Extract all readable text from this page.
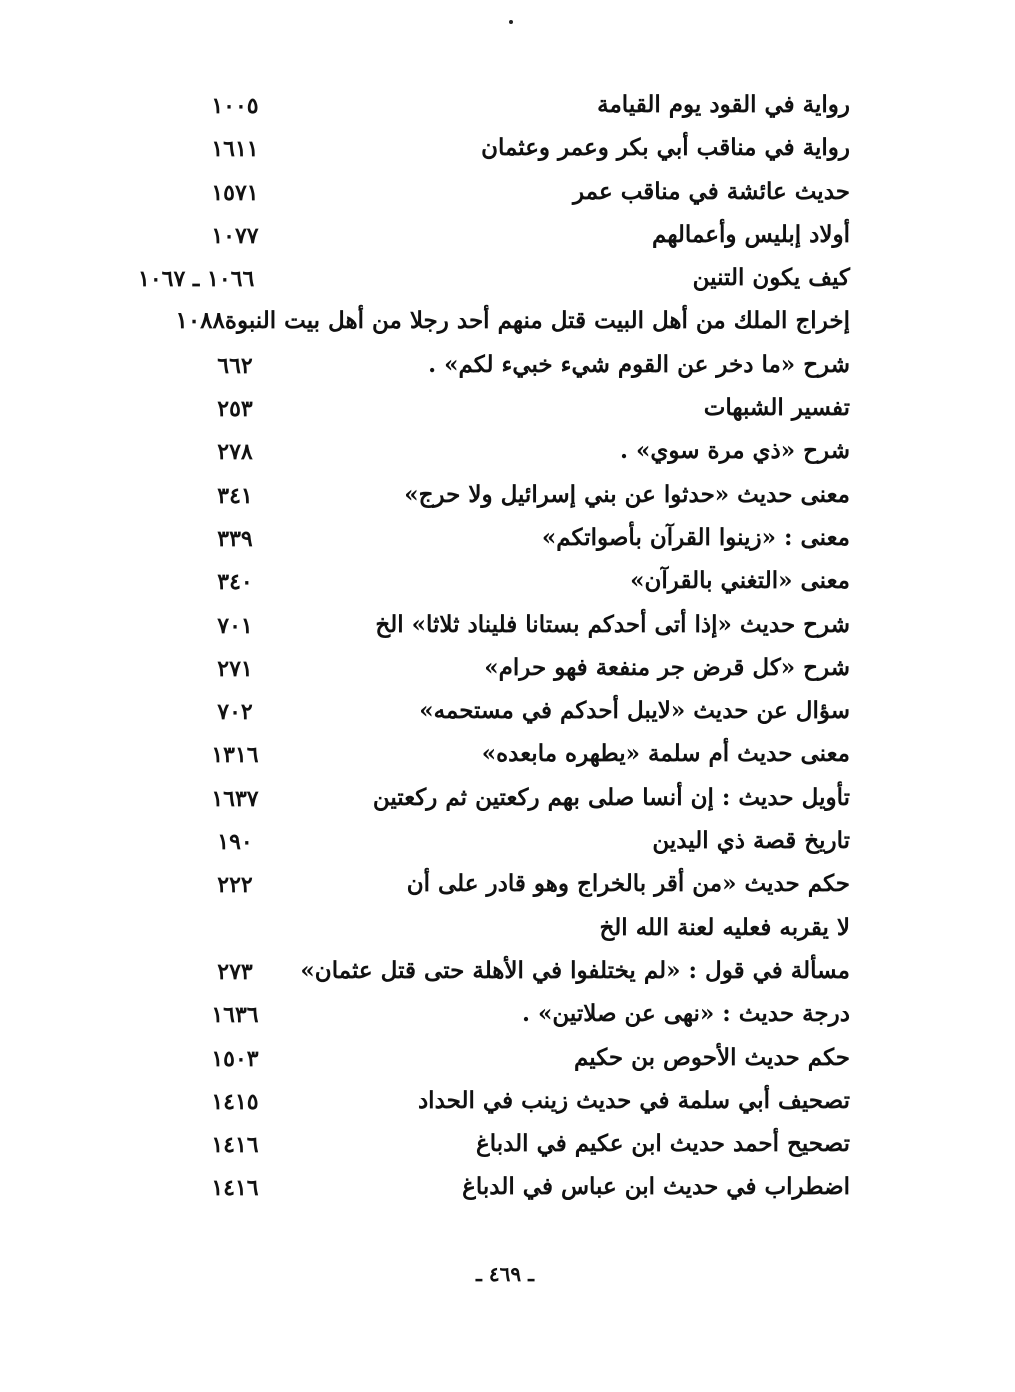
رواية في القود يوم القيامة
١٠٠٥
رواية في مناقب أبي بكر وعمر وعثمان
١٦١١
حديث عائشة في مناقب عمر
١٥٧١
أولاد إبليس وأعمالهم
١٠٧٧
كيف يكون التنين
١٠٦٦ ـ ١٠٦٧
إخراج الملك من أهل البيت قتل منهم أحد رجلا من أهل بيت النبوة١٠٨٨
شرح «ما دخر عن القوم شيء خبيء لكم» .
٦٦٢
تفسير الشبهات
٢٥٣
شرح «ذي مرة سوي» .
٢٧٨
معنى حديث «حدثوا عن بني إسرائيل ولا حرج»
٣٤١
معنى : «زينوا القرآن بأصواتكم»
٣٣٩
معنى «التغني بالقرآن»
٣٤٠
شرح حديث «إذا أتى أحدكم بستانا فليناد ثلاثا» الخ
٧٠١
شرح «كل قرض جر منفعة فهو حرام»
٢٧١
سؤال عن حديث «لايبل أحدكم في مستحمه»
٧٠٢
معنى حديث أم سلمة «يطهره مابعده»
١٣١٦
تأويل حديث : إن أنسا صلى بهم ركعتين ثم ركعتين
١٦٣٧
تاريخ قصة ذي اليدين
١٩٠
حكم حديث «من أقر بالخراج وهو قادر على أن
٢٢٢
لا يقربه فعليه لعنة الله الخ
مسألة في قول : «لم يختلفوا في الأهلة حتى قتل عثمان»
٢٧٣
درجة حديث : «نهى عن صلاتين» .
١٦٣٦
حكم حديث الأحوص بن حكيم
١٥٠٣
تصحيف أبي سلمة في حديث زينب في الحداد
١٤١٥
تصحيح أحمد حديث ابن عكيم في الدباغ
١٤١٦
اضطراب في حديث ابن عباس في الدباغ
١٤١٦
ـ ٤٦٩ ـ
